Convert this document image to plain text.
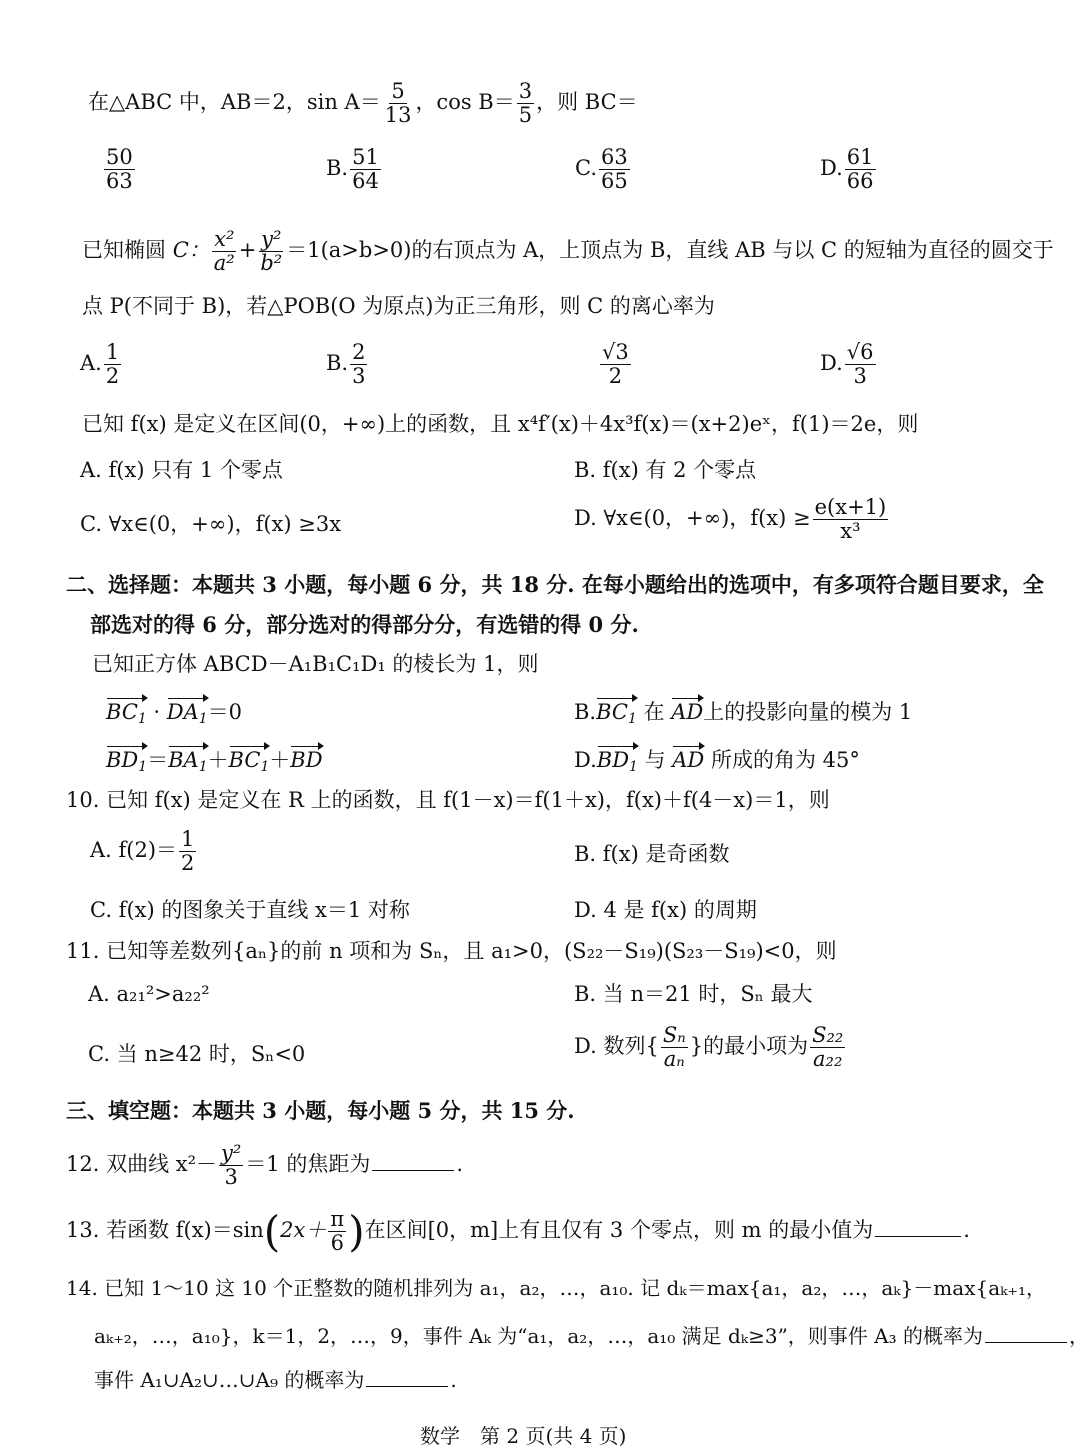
在△ABC 中，AB＝2，$\sin A= \frac{5}{13}$ ，$\cos B= \frac{3}{5}$ ，则 BC＝
$\frac{50}{63}$	B. $\frac{51}{64}$	C. $\frac{63}{65}$	D. $\frac{61}{66}$
已知椭圆 C： $\frac{\text{x²}}{\text{a²}} + \frac{\text{y²}}{\text{b²}} =1(a>b>0)$的右顶点为 A，上顶点为 B，直线 AB 与以 C 的短轴为直径的圆交于
点 P(不同于 B)，若△POB(O 为原点)为正三角形，则 C 的离心率为
A. $\frac{1}{2}$	B. $\frac{2}{3}$	$\frac{√3}{2}$	D. $\frac{√6}{3}$
已知 f(x) 是定义在区间(0，+∞)上的函数，且 x⁴f′(x)＋4x³f(x)＝(x+2)eˣ，f(1)＝2e，则
A. f(x) 只有 1 个零点	B. f(x) 有 2 个零点
C. ∀x∈(0，+∞)，f(x) ≥3x	D. ∀x∈(0，+∞)，$f(x) \ge \frac{e(x+1)}{\text{x³}}$
二、选择题：本题共 3 小题，每小题 6 分，共 18 分. 在每小题给出的选项中，有多项符合题目要求，全
部选对的得 6 分，部分选对的得部分分，有选错的得 0 分.
已知正方体 ABCD－A₁B₁C₁D₁ 的棱长为 1，则
$BC_1 \cdot DA_1=0$	$B.BC_1$ 在 AD上的投影向量的模为 1
$BD_1=BA_1+BC_1+BD$	$D.BD_1$ 与 AD 所成的角为 45°
10. 已知 f(x) 是定义在 R 上的函数，且 f(1－x)＝f(1＋x)，f(x)＋f(4－x)＝1，则
A. $f(2)= \frac{1}{2}$	B. f(x) 是奇函数
C. f(x) 的图象关于直线 x＝1 对称	D. 4 是 f(x) 的周期
11. 已知等差数列{aₙ}的前 n 项和为 Sₙ，且 a₁>0，(S₂₂－S₁₉)(S₂₃－S₁₉)<0，则
A. a₂₁²>a₂₂²	B. 当 n＝21 时，Sₙ 最大
C. 当 n≥42 时，Sₙ<0	D. 数列{ $\frac{\text{Sₙ}}{\text{aₙ}}$ }的最小项为 $\frac{\text{S₂₂}}{\text{a₂₂}}$
三、填空题：本题共 3 小题，每小题 5 分，共 15 分.
12. 双曲线 $x^2- \frac{\text{y²}}{3} =1$ 的焦距为	.
13. 若函数 $f(x)=\sin(2x+ \frac{\pi}{6}$ )在区间[0，m]上有且仅有 3 个零点，则 m 的最小值为	.
14. 已知 1～10 这 10 个正整数的随机排列为 a₁，a₂，…，a₁₀. 记 dₖ＝max{a₁，a₂，…，aₖ}－max{aₖ₊₁，
aₖ₊₂，…，a₁₀}，k＝1，2，…，9，事件 Aₖ 为“a₁，a₂，…，a₁₀ 满足 dₖ≥3”，则事件 A₃ 的概率为	，
事件 A₁∪A₂∪…∪A₉ 的概率为	.
数学　第 2 页(共 4 页)
